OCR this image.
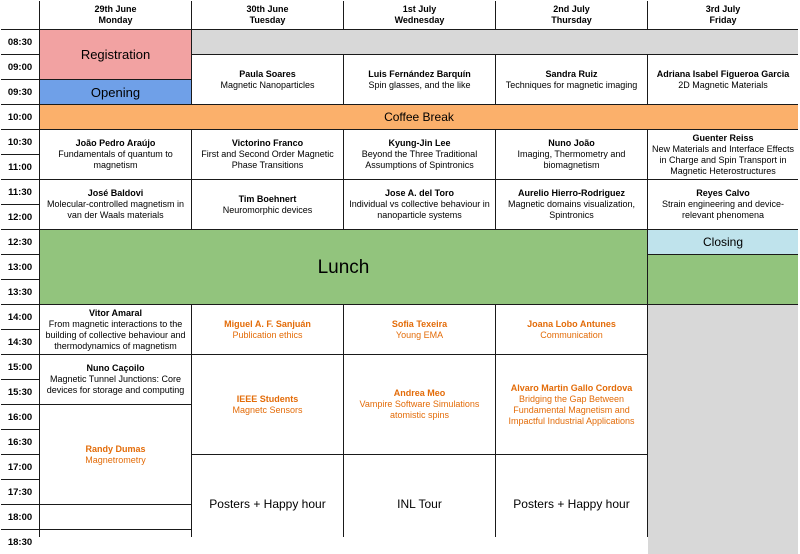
29th June
Monday
30th June
Tuesday
1st July
Wednesday
2nd July
Thursday
3rd July
Friday
08:30
09:00
09:30
10:00
10:30
11:00
11:30
12:00
12:30
13:00
13:30
14:00
14:30
15:00
15:30
16:00
16:30
17:00
17:30
18:00
18:30
Registration
Opening
Paula Soares
Magnetic Nanoparticles
Luis Fernández Barquín
Spin glasses, and the like
Sandra Ruiz
Techniques for magnetic imaging
Adriana Isabel Figueroa Garcia
2D Magnetic Materials
Coffee Break
João Pedro Araújo
Fundamentals of quantum to magnetism
Victorino Franco
First and Second Order Magnetic Phase Transitions
Kyung-Jin Lee
Beyond the Three Traditional Assumptions of Spintronics
Nuno João
Imaging, Thermometry and biomagnetism
Guenter Reiss
New Materials and Interface Effects in Charge and Spin Transport in Magnetic Heterostructures
José Baldovi
Molecular-controlled magnetism in van der Waals materials
Tim Boehnert
Neuromorphic devices
Jose A. del Toro
Individual vs collective behaviour in nanoparticle systems
Aurelio Hierro-Rodriguez
Magnetic domains visualization, Spintronics
Reyes Calvo
Strain engineering and device-relevant phenomena
Lunch
Closing
Vitor Amaral
From magnetic interactions to the building of collective behaviour and thermodynamics of magnetism
Miguel A. F. Sanjuán
Publication ethics
Sofia Texeira
Young EMA
Joana Lobo Antunes
Communication
Nuno Caçoilo
Magnetic Tunnel Junctions: Core devices for storage and computing
IEEE Students
Magnetc Sensors
Andrea Meo
Vampire Software Simulations atomistic spins
Alvaro Martin Gallo Cordova
Bridging the Gap Between Fundamental Magnetism and Impactful Industrial Applications
Randy Dumas
Magnetrometry
Posters + Happy hour	INL Tour	Posters + Happy hour
